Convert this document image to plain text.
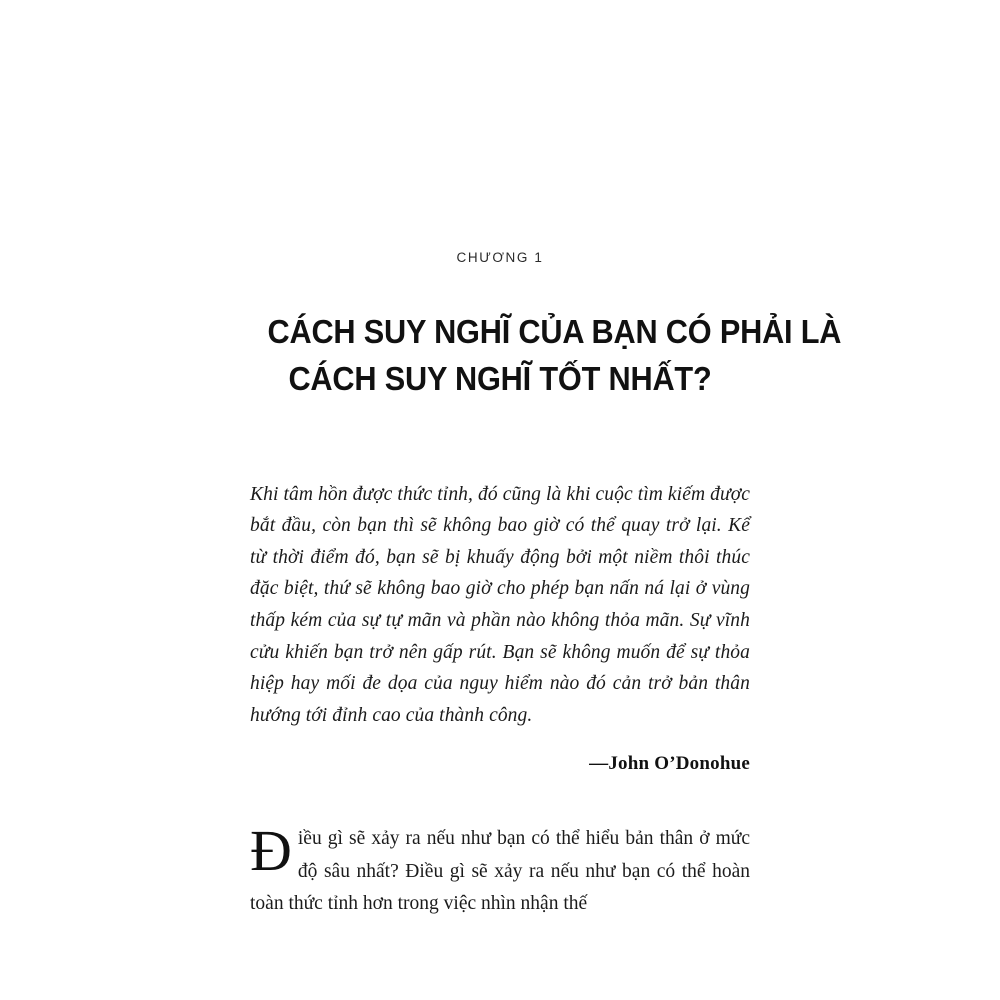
CHƯƠNG 1
CÁCH SUY NGHĨ CỦA BẠN CÓ PHẢI LÀ
CÁCH SUY NGHĨ TỐT NHẤT?
Khi tâm hồn được thức tỉnh, đó cũng là khi cuộc tìm kiếm được bắt đầu, còn bạn thì sẽ không bao giờ có thể quay trở lại. Kể từ thời điểm đó, bạn sẽ bị khuấy động bởi một niềm thôi thúc đặc biệt, thứ sẽ không bao giờ cho phép bạn nấn ná lại ở vùng thấp kém của sự tự mãn và phần nào không thỏa mãn. Sự vĩnh cửu khiến bạn trở nên gấp rút. Bạn sẽ không muốn để sự thỏa hiệp hay mối đe dọa của nguy hiểm nào đó cản trở bản thân hướng tới đỉnh cao của thành công.
—John O’Donohue
Đ iều gì sẽ xảy ra nếu như bạn có thể hiểu bản thân ở mức độ sâu nhất? Điều gì sẽ xảy ra nếu như bạn có thể hoàn toàn thức tỉnh hơn trong việc nhìn nhận thế
